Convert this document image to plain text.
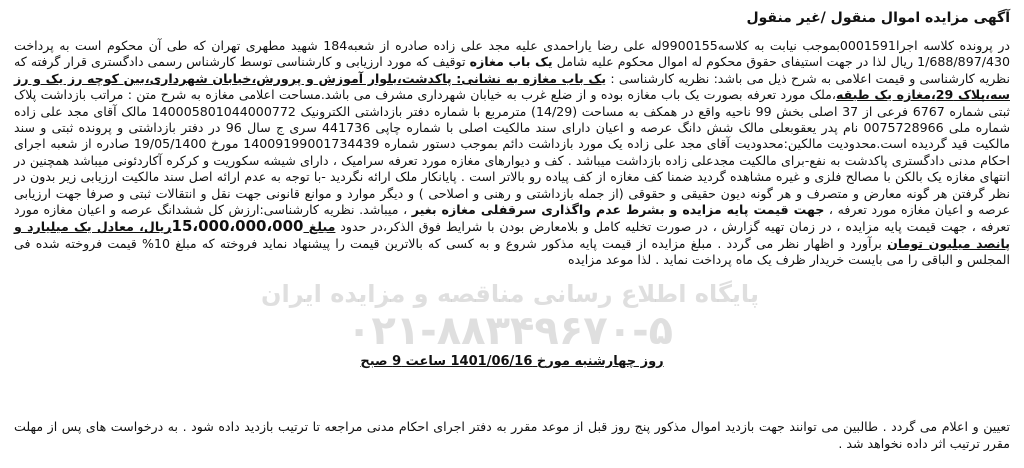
آگهی مزایده اموال منقول /غیر منقول
در پرونده کلاسه اجرا0001591بموجب نیابت به کلاسه9900155له علی رضا یاراحمدی علیه مجد علی زاده صادره از شعبه184 شهید مطهری تهران که طی آن محکوم است به پرداخت 1/688/897/430 ریال لذا در جهت استیفای حقوق محکوم له اموال محکوم علیه شامل یک باب مغازه توقیف که مورد ارزیابی و کارشناسی توسط کارشناس رسمی دادگستری قرار گرفته که نظریه کارشناسی و قیمت اعلامی به شرح ذیل می باشد: نظریه کارشناسی : یک باب مغازه به نشانی: پاکدشت،بلوار آموزش و پرورش،خیابان شهرداری،بین کوچه رز یک و رز سه،پلاک 29،مغازه یک طبقه،ملک مورد تعرفه بصورت یک باب مغازه بوده و از ضلع غرب به خیابان شهرداری مشرف می باشد.مساحت اعلامی مغازه به شرح متن : مراتب بازداشت پلاک ثبتی شماره 6767 فرعی از 37 اصلی بخش 99 ناحیه واقع در همکف به مساحت (14/29) مترمربع با شماره دفتر بازداشتی الکترونیک 140005801044000772 مالک آقای مجد علی زاده شماره ملی 0075728966 نام پدر یعقوبعلی مالک شش دانگ عرصه و اعیان دارای سند مالکیت اصلی با شماره چاپی 441736 سری ج سال 96 در دفتر بازداشتی و پرونده ثبتی و سند مالکیت قید گردیده است.محدودیت مالکین:محدودیت آقای مجد علی زاده یک مورد بازداشت دائم بموجب دستور شماره 14009199001734439 مورخ 19/05/1400 صادره از شعبه اجرای احکام مدنی دادگستری پاکدشت به نفع-برای مالکیت مجدعلی زاده بازداشت میباشد . کف و دیوارهای مغازه مورد تعرفه سرامیک ، دارای شیشه سکوریت و کرکره آکاردئونی میباشد همچنین در انتهای مغازه یک بالکن با مصالح فلزی و غیره مشاهده گردید ضمنا کف مغازه از کف پیاده رو بالاتر است . پایانکار ملک ارائه نگردید -با توجه به عدم ارائه اصل سند مالکیت ارزیابی زیر بدون در نظر گرفتن هر گونه معارض و متصرف و هر گونه دیون حقیقی و حقوقی (از جمله بازداشتی و رهنی و اصلاحی ) و دیگر موارد و موانع قانونی جهت نقل و انتقالات ثبتی و صرفا جهت ارزیابی عرصه و اعیان مغازه مورد تعرفه ، جهت قیمت پایه مزایده و بشرط عدم واگذاری سرقفلی مغازه بغیر ، میباشد. نظریه کارشناسی:ارزش کل ششدانگ عرصه و اعیان مغازه مورد تعرفه ، جهت قیمت پایه مزایده ، در زمان تهیه گزارش ، در صورت تخلیه کامل و بلامعارض بودن با شرایط فوق الذکر،در حدود مبلغ 15،000،000،000ریال، معادل یک میلیارد و پانصد میلیون تومان برآورد و اظهار نظر می گردد . مبلغ مزایده از قیمت پایه مذکور شروع و به کسی که بالاترین قیمت را پیشنهاد نماید فروخته که مبلغ 10% قیمت فروخته شده فی المجلس و الباقی را می بایست خریدار ظرف یک ماه پرداخت نماید . لذا موعد مزایده
پایگاه اطلاع رسانی مناقصه و مزایده ایران
۰۲۱-۸۸۳۴۹۶۷۰-۵
روز چهارشنبه مورخ 1401/06/16 ساعت 9 صبح
تعیین و اعلام می گردد . طالبین می توانند جهت بازدید اموال مذکور پنج روز قبل از موعد مقرر به دفتر اجرای احکام مدنی مراجعه تا ترتیب بازدید داده شود . به درخواست های پس از مهلت مقرر ترتیب اثر داده نخواهد شد .
